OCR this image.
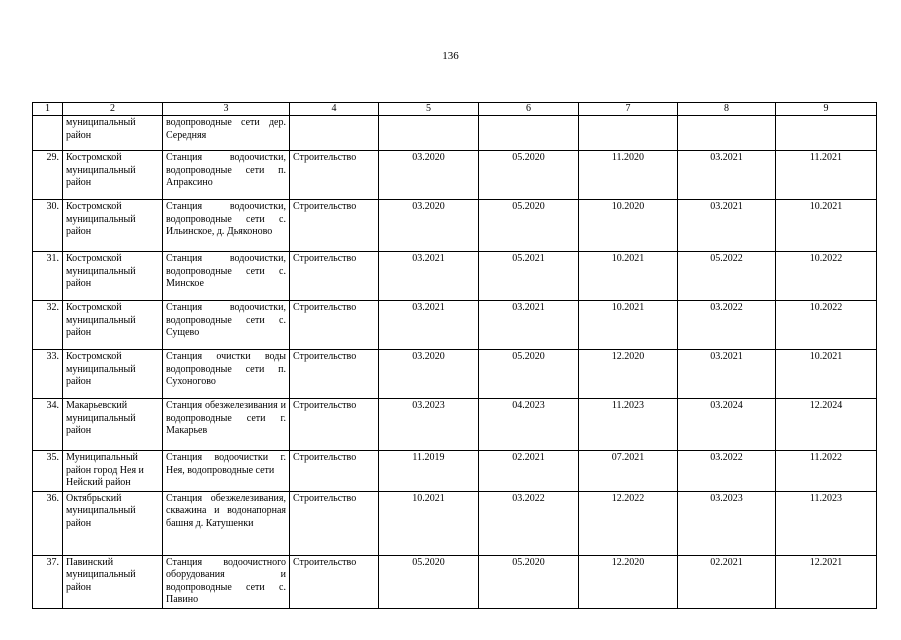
136
1	2	3	4	5	6	7	8	9
	муниципальный район	водопроводные сети дер. Середняя						
29.	Костромской муниципальный район	Станция водоочистки, водопроводные сети п. Апраксино	Строительство	03.2020	05.2020	11.2020	03.2021	11.2021
30.	Костромской муниципальный район	Станция водоочистки, водопроводные сети с. Ильинское, д. Дьяконово	Строительство	03.2020	05.2020	10.2020	03.2021	10.2021
31.	Костромской муниципальный район	Станция водоочистки, водопроводные сети с. Минское	Строительство	03.2021	05.2021	10.2021	05.2022	10.2022
32.	Костромской муниципальный район	Станция водоочистки, водопроводные сети с. Сущево	Строительство	03.2021	03.2021	10.2021	03.2022	10.2022
33.	Костромской муниципальный район	Станция очистки воды водопроводные сети п. Сухоногово	Строительство	03.2020	05.2020	12.2020	03.2021	10.2021
34.	Макарьевский муниципальный район	Станция обезжелезивания и водопроводные сети г. Макарьев	Строительство	03.2023	04.2023	11.2023	03.2024	12.2024
35.	Муниципальный район город Нея и Нейский район	Станция водоочистки г. Нея, водопроводные сети	Строительство	11.2019	02.2021	07.2021	03.2022	11.2022
36.	Октябрьский муниципальный район	Станция обезжелезивания, скважина и водонапорная башня д. Катушенки	Строительство	10.2021	03.2022	12.2022	03.2023	11.2023
37.	Павинский муниципальный район	Станция водоочистного оборудования и водопроводные сети с. Павино	Строительство	05.2020	05.2020	12.2020	02.2021	12.2021
